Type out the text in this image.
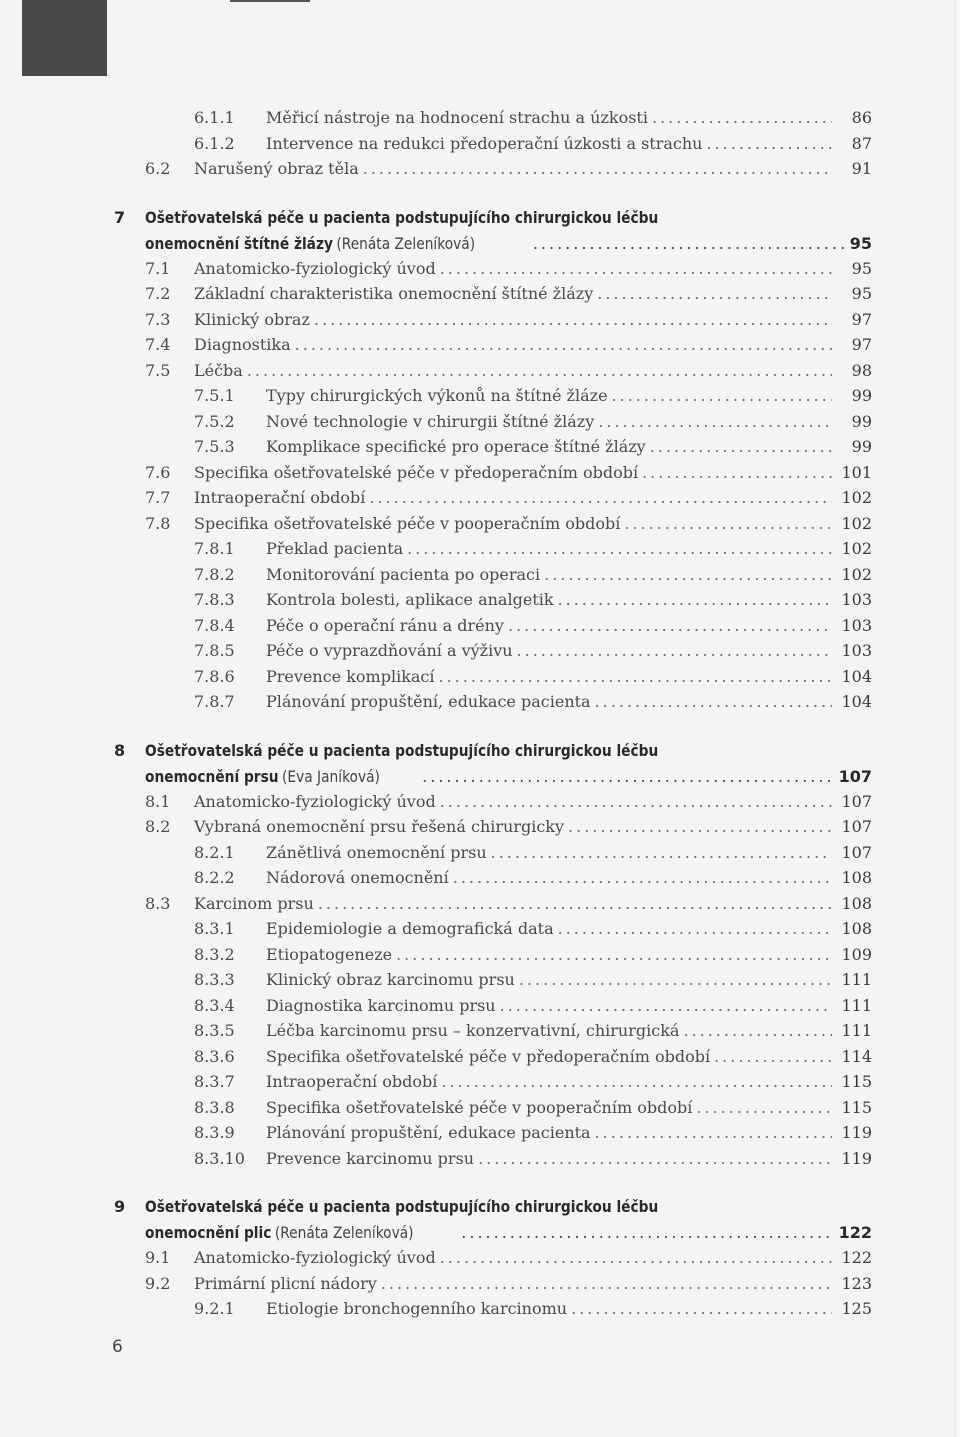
6.1.1 Měřicí nástroje na hodnocení strachu a úzkosti .....	86
6.1.2 Intervence na redukci předoperační úzkosti a strachu .....	87
6.2 Narušený obraz těla .....	91
7 Ošetřovatelská péče u pacienta podstupujícího chirurgickou léčbu
onemocnění štítné žlázy (Renáta Zeleníková) .....	95
7.1 Anatomicko-fyziologický úvod .....	95
7.2 Základní charakteristika onemocnění štítné žlázy .....	95
7.3 Klinický obraz .....	97
7.4 Diagnostika .....	97
7.5 Léčba .....	98
7.5.1 Typy chirurgických výkonů na štítné žláze .....	99
7.5.2 Nové technologie v chirurgii štítné žlázy .....	99
7.5.3 Komplikace specifické pro operace štítné žlázy .....	99
7.6 Specifika ošetřovatelské péče v předoperačním období .....	101
7.7 Intraoperační období .....	102
7.8 Specifika ošetřovatelské péče v pooperačním období .....	102
7.8.1 Překlad pacienta .....	102
7.8.2 Monitorování pacienta po operaci .....	102
7.8.3 Kontrola bolesti, aplikace analgetik .....	103
7.8.4 Péče o operační ránu a drény .....	103
7.8.5 Péče o vyprazdňování a výživu .....	103
7.8.6 Prevence komplikací .....	104
7.8.7 Plánování propuštění, edukace pacienta .....	104
8 Ošetřovatelská péče u pacienta podstupujícího chirurgickou léčbu
onemocnění prsu (Eva Janíková) .....	107
8.1 Anatomicko-fyziologický úvod .....	107
8.2 Vybraná onemocnění prsu řešená chirurgicky .....	107
8.2.1 Zánětlivá onemocnění prsu .....	107
8.2.2 Nádorová onemocnění .....	108
8.3 Karcinom prsu .....	108
8.3.1 Epidemiologie a demografická data .....	108
8.3.2 Etiopatogeneze .....	109
8.3.3 Klinický obraz karcinomu prsu .....	111
8.3.4 Diagnostika karcinomu prsu .....	111
8.3.5 Léčba karcinomu prsu – konzervativní, chirurgická .....	111
8.3.6 Specifika ošetřovatelské péče v předoperačním období .....	114
8.3.7 Intraoperační období .....	115
8.3.8 Specifika ošetřovatelské péče v pooperačním období .....	115
8.3.9 Plánování propuštění, edukace pacienta .....	119
8.3.10 Prevence karcinomu prsu .....	119
9 Ošetřovatelská péče u pacienta podstupujícího chirurgickou léčbu
onemocnění plic (Renáta Zeleníková) .....	122
9.1 Anatomicko-fyziologický úvod .....	122
9.2 Primární plicní nádory .....	123
9.2.1 Etiologie bronchogenního karcinomu .....	125
6
